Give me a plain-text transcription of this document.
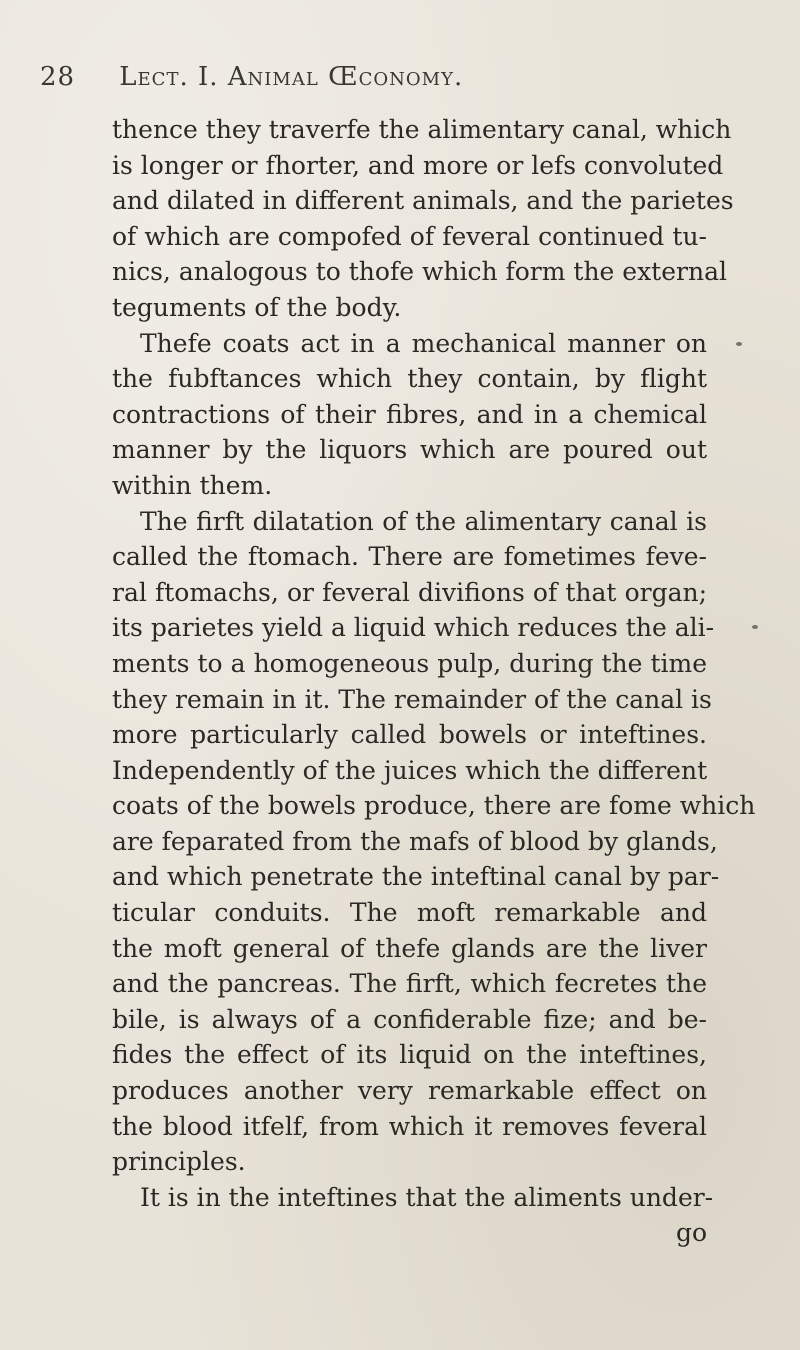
28 Lect. I. Animal Œconomy.
thence they traverfe the alimentary canal, which
is longer or fhorter, and more or lefs convoluted
and dilated in different animals, and the parietes
of which are compofed of feveral continued tu-
nics, analogous to thofe which form the external
teguments of the body.
Thefe coats act in a mechanical manner on
the fubftances which they contain, by flight
contractions of their fibres, and in a chemical
manner by the liquors which are poured out
within them.
The firft dilatation of the alimentary canal is
called the ftomach. There are fometimes feve-
ral ftomachs, or feveral divifions of that organ;
its parietes yield a liquid which reduces the ali-
ments to a homogeneous pulp, during the time
they remain in it. The remainder of the canal is
more particularly called bowels or inteftines.
Independently of the juices which the different
coats of the bowels produce, there are fome which
are feparated from the mafs of blood by glands,
and which penetrate the inteftinal canal by par-
ticular conduits. The moft remarkable and
the moft general of thefe glands are the liver
and the pancreas. The firft, which fecretes the
bile, is always of a confiderable fize; and be-
fides the effect of its liquid on the inteftines,
produces another very remarkable effect on
the blood itfelf, from which it removes feveral
principles.
It is in the inteftines that the aliments under-
go
